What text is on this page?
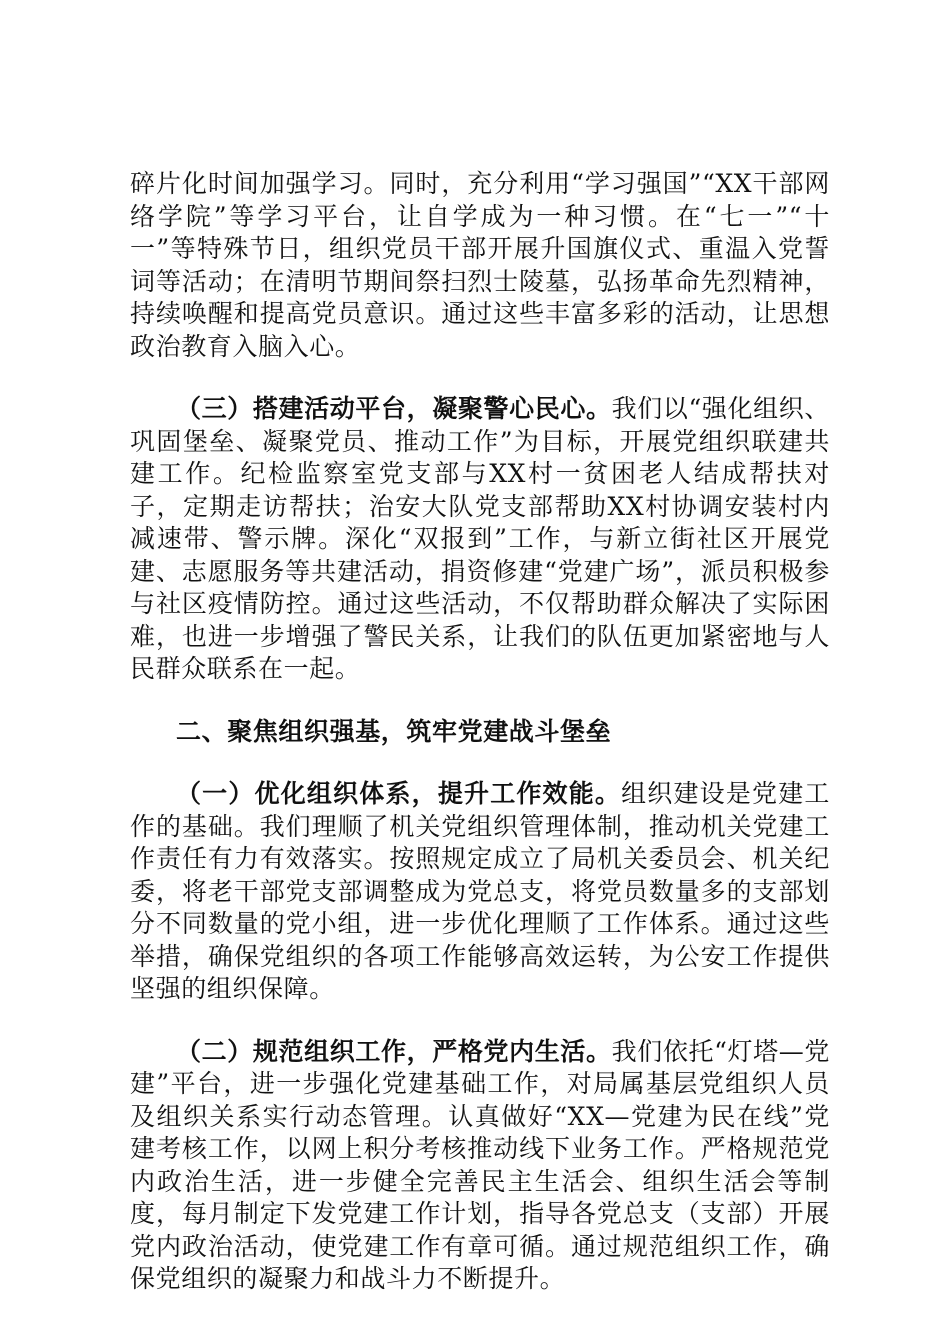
碎片化时间加强学习。同时，充分利用“学习强国”“XX干部网络学院”等学习平台，让自学成为一种习惯。在“七一”“十一”等特殊节日，组织党员干部开展升国旗仪式、重温入党誓词等活动；在清明节期间祭扫烈士陵墓，弘扬革命先烈精神，持续唤醒和提高党员意识。通过这些丰富多彩的活动，让思想政治教育入脑入心。

（三）搭建活动平台，凝聚警心民心。我们以“强化组织、巩固堡垒、凝聚党员、推动工作”为目标，开展党组织联建共建工作。纪检监察室党支部与XX村一贫困老人结成帮扶对子，定期走访帮扶；治安大队党支部帮助XX村协调安装村内减速带、警示牌。深化“双报到”工作，与新立街社区开展党建、志愿服务等共建活动，捐资修建“党建广场”，派员积极参与社区疫情防控。通过这些活动，不仅帮助群众解决了实际困难，也进一步增强了警民关系，让我们的队伍更加紧密地与人民群众联系在一起。

二、聚焦组织强基，筑牢党建战斗堡垒

（一）优化组织体系，提升工作效能。组织建设是党建工作的基础。我们理顺了机关党组织管理体制，推动机关党建工作责任有力有效落实。按照规定成立了局机关委员会、机关纪委，将老干部党支部调整成为党总支，将党员数量多的支部划分不同数量的党小组，进一步优化理顺了工作体系。通过这些举措，确保党组织的各项工作能够高效运转，为公安工作提供坚强的组织保障。

（二）规范组织工作，严格党内生活。我们依托“灯塔—党建”平台，进一步强化党建基础工作，对局属基层党组织人员及组织关系实行动态管理。认真做好“XX—党建为民在线”党建考核工作，以网上积分考核推动线下业务工作。严格规范党内政治生活，进一步健全完善民主生活会、组织生活会等制度，每月制定下发党建工作计划，指导各党总支（支部）开展党内政治活动，使党建工作有章可循。通过规范组织工作，确保党组织的凝聚力和战斗力不断提升。
